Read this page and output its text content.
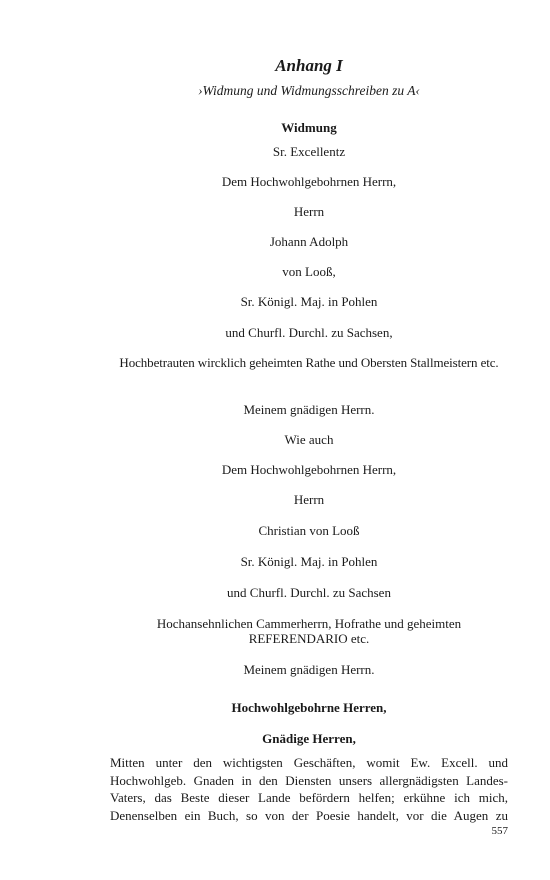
Anhang I
›Widmung und Widmungsschreiben zu A‹
Widmung
Sr. Excellentz
Dem Hochwohlgebohrnen Herrn,
Herrn
Johann Adolph
von Looß,
Sr. Königl. Maj. in Pohlen
und Churfl. Durchl. zu Sachsen,
Hochbetrauten wircklich geheimten Rathe und Obersten Stallmeistern etc.
Meinem gnädigen Herrn.
Wie auch
Dem Hochwohlgebohrnen Herrn,
Herrn
Christian von Looß
Sr. Königl. Maj. in Pohlen
und Churfl. Durchl. zu Sachsen
Hochansehnlichen Cammerherrn, Hofrathe und geheimten REFERENDARIO etc.
Meinem gnädigen Herrn.
Hochwohlgebohrne Herren,
Gnädige Herren,
Mitten unter den wichtigsten Geschäften, womit Ew. Excell. und
Hochwohlgeb. Gnaden in den Diensten unsers allergnädigsten Landes-
Vaters, das Beste dieser Lande befördern helfen; erkühne ich mich,
Denenselben ein Buch, so von der Poesie handelt, vor die Augen zu
557
